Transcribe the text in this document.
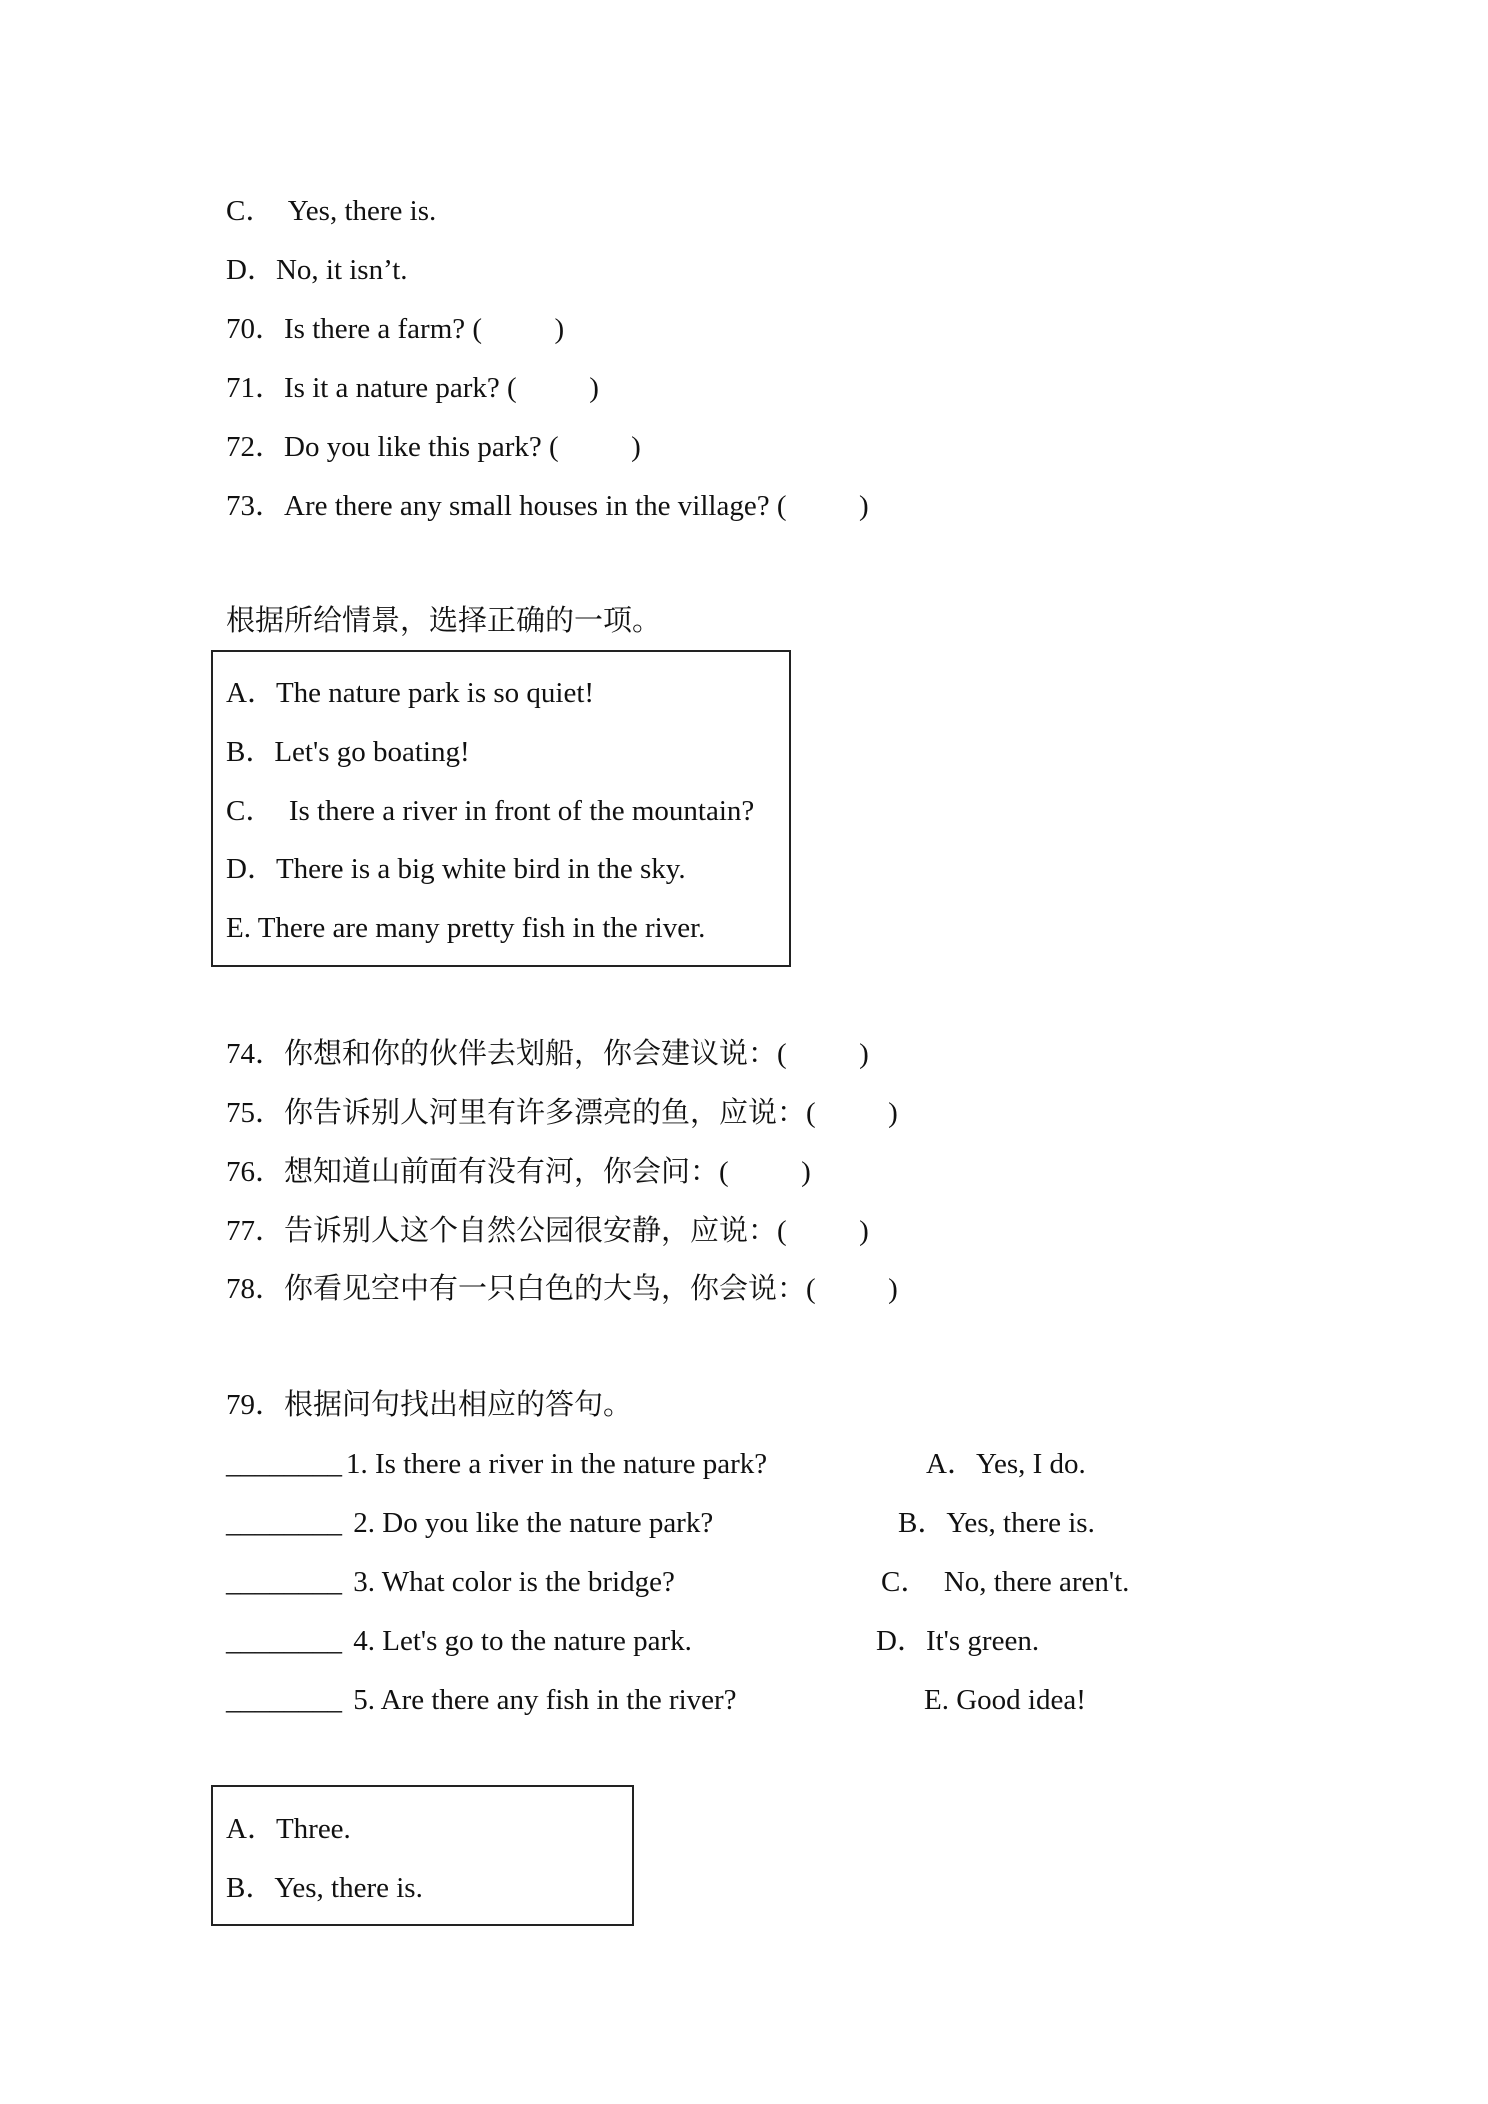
C．  Yes, there is.
D．No, it isn’t.
70．Is there a farm? (          )
71．Is it a nature park? (          )
72．Do you like this park? (          )
73．Are there any small houses in the village? (          )
根据所给情景，选择正确的一项。
A．The nature park is so quiet!
B．Let's go boating!
C．  Is there a river in front of the mountain?
D．There is a big white bird in the sky.
E. There are many pretty fish in the river.
74．你想和你的伙伴去划船，你会建议说：(          )
75．你告诉别人河里有许多漂亮的鱼，应说：(          )
76．想知道山前面有没有河，你会问：(          )
77．告诉别人这个自然公园很安静，应说：(          )
78．你看见空中有一只白色的大鸟，你会说：(          )
79．根据问句找出相应的答句。
________ 1. Is there a river in the nature park?	A．Yes, I do.
________ 2. Do you like the nature park?	B．Yes, there is.
________ 3. What color is the bridge?	C．  No, there aren't.
________ 4. Let's go to the nature park.	D．It's green.
________ 5. Are there any fish in the river?	E. Good idea!
A．Three.
B．Yes, there is.
